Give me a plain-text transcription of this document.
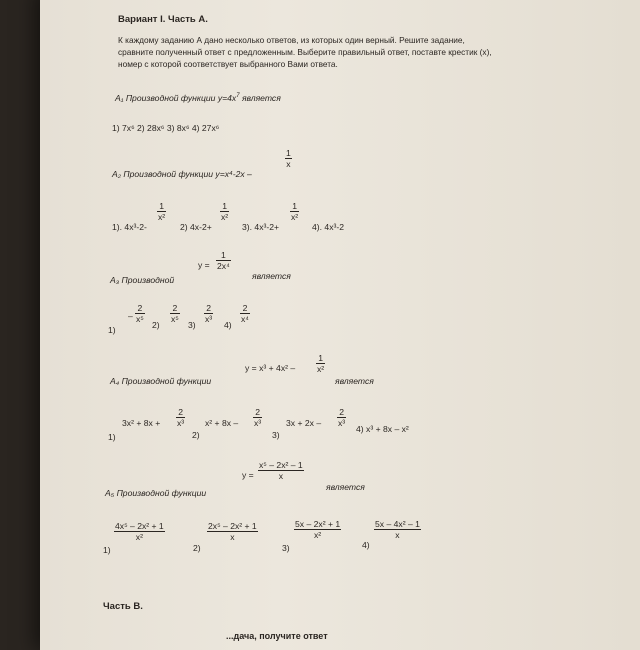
Вариант I. Часть А.
К каждому заданию А дано несколько ответов, из которых один верный. Решите задание,
сравните полученный ответ с предложенным. Выберите правильный ответ, поставте крестик (x),
номер с которой соответствует выбранного Вами ответа.
A₁ Производной функции $y=4x^7$ является
1) 7x⁶ 2) 28x⁶ 3) 8x⁶ 4) 27x⁶
A₂ Производной функции y=x⁴-2x –
$\frac{1}{x}$
1). 4x³-2-
$\frac{1}{\text{x²}}$
2) 4x-2+
$\frac{1}{\text{x²}}$
3). 4x³-2+
$\frac{1}{\text{x²}}$
4). 4x³-2
A₃ Производной
$y = \frac{1}{\text{2x⁴}}$
является
1)
– $\frac{2}{\text{x⁵}}$
2)
$\frac{2}{\text{x⁵}}$
3)
$\frac{2}{\text{x³}}$
4)
$\frac{2}{\text{x⁴}}$
A₄ Производной функции
$y = x^3 + 4x^2 - \frac{1}{\text{x²}}$
является
1)
$3x^2 + 8x + \frac{2}{\text{x³}}$
2)
$x^2 + 8x - \frac{2}{\text{x³}}$
3)
$3x + 2x - \frac{2}{\text{x³}}$
4) x³ + 8x – x²
A₅ Производной функции
$y = \frac{\text{x⁵ – 2x² – 1}}{x}$
является
1)
$\frac{\text{4x⁵ – 2x² + 1}}{\text{x²}}$
2)
$\frac{\text{2x⁵ – 2x² + 1}}{x}$
3)
$\frac{\text{5x – 2x² + 1}}{\text{x²}}$
4)
$\frac{\text{5x – 4x² – 1}}{x}$
Часть В.
...дача, получите ответ
